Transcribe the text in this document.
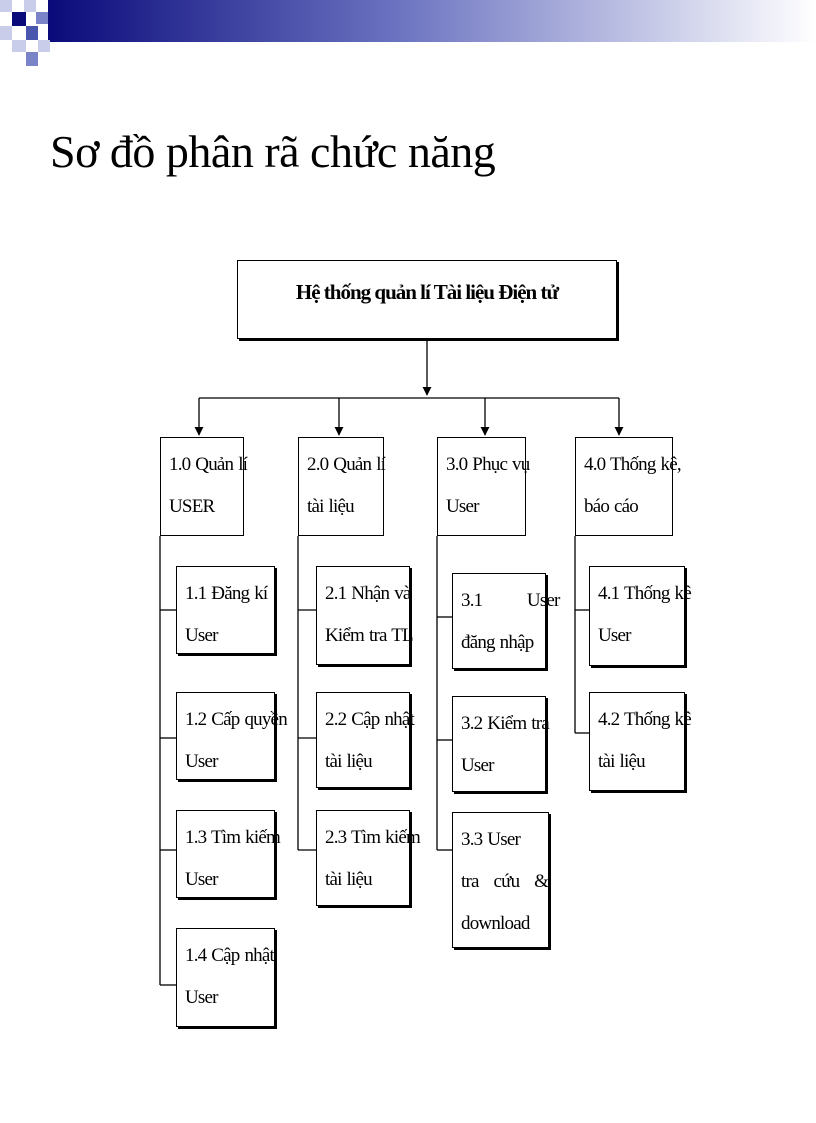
Sơ đồ phân rã chức năng
Hệ thống quản lí Tài liệu Điện tử
1.0 Quản lí
USER
2.0 Quản lí
tài liệu
3.0 Phục vụ
User
4.0 Thống kê,
báo cáo
1.1 Đăng kí
User
1.2 Cấp quyền
User
1.3 Tìm kiếm
User
1.4 Cập nhật
User
2.1 Nhận và
Kiểm tra TL
2.2 Cập nhật
tài liệu
2.3 Tìm kiếm
tài liệu
3.1         User
đăng nhập
3.2 Kiểm tra
User
3.3 User
tra   cứu   &
download
4.1 Thống kê
User
4.2 Thống kê
tài liệu
